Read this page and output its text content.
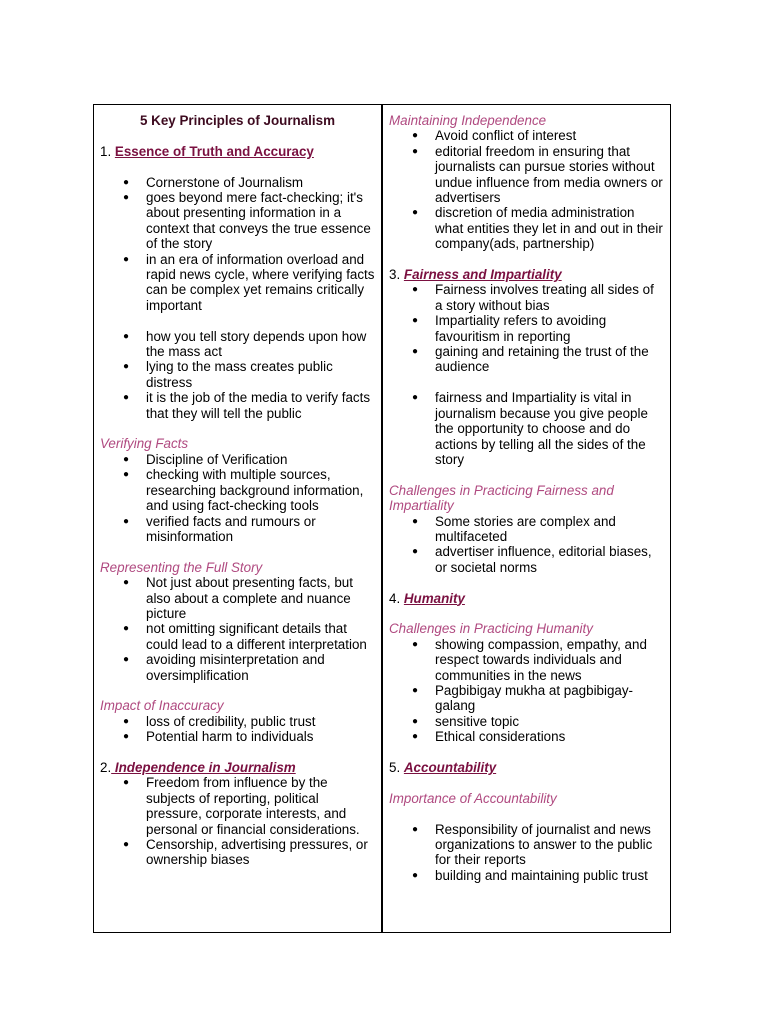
5 Key Principles of Journalism

1. Essence of Truth and Accuracy

● Cornerstone of Journalism
● goes beyond mere fact-checking; it's about presenting information in a context that conveys the true essence of the story
● in an era of information overload and rapid news cycle, where verifying facts can be complex yet remains critically important
● how you tell story depends upon how the mass act
● lying to the mass creates public distress
● it is the job of the media to verify facts that they will tell the public

Verifying Facts

● Discipline of Verification
● checking with multiple sources, researching background information, and using fact-checking tools
● verified facts and rumours or misinformation

Representing the Full Story

● Not just about presenting facts, but also about a complete and nuance picture
● not omitting significant details that could lead to a different interpretation
● avoiding misinterpretation and oversimplification

Impact of Inaccuracy

● loss of credibility, public trust
● Potential harm to individuals

2. Independence in Journalism

● Freedom from influence by the subjects of reporting, political pressure, corporate interests, and personal or financial considerations.
● Censorship, advertising pressures, or ownership biases

Maintaining Independence

● Avoid conflict of interest
● editorial freedom in ensuring that journalists can pursue stories without undue influence from media owners or advertisers
● discretion of media administration what entities they let in and out in their company(ads, partnership)

3. Fairness and Impartiality

● Fairness involves treating all sides of a story without bias
● Impartiality refers to avoiding favouritism in reporting
● gaining and retaining the trust of the audience
● fairness and Impartiality is vital in journalism because you give people the opportunity to choose and do actions by telling all the sides of the story

Challenges in Practicing Fairness and Impartiality

● Some stories are complex and multifaceted
● advertiser influence, editorial biases, or societal norms

4. Humanity

Challenges in Practicing Humanity

● showing compassion, empathy, and respect towards individuals and communities in the news
● Pagbibigay mukha at pagbibigay-galang
● sensitive topic
● Ethical considerations

5. Accountability

Importance of Accountability

● Responsibility of journalist and news organizations to answer to the public for their reports
● building and maintaining public trust
